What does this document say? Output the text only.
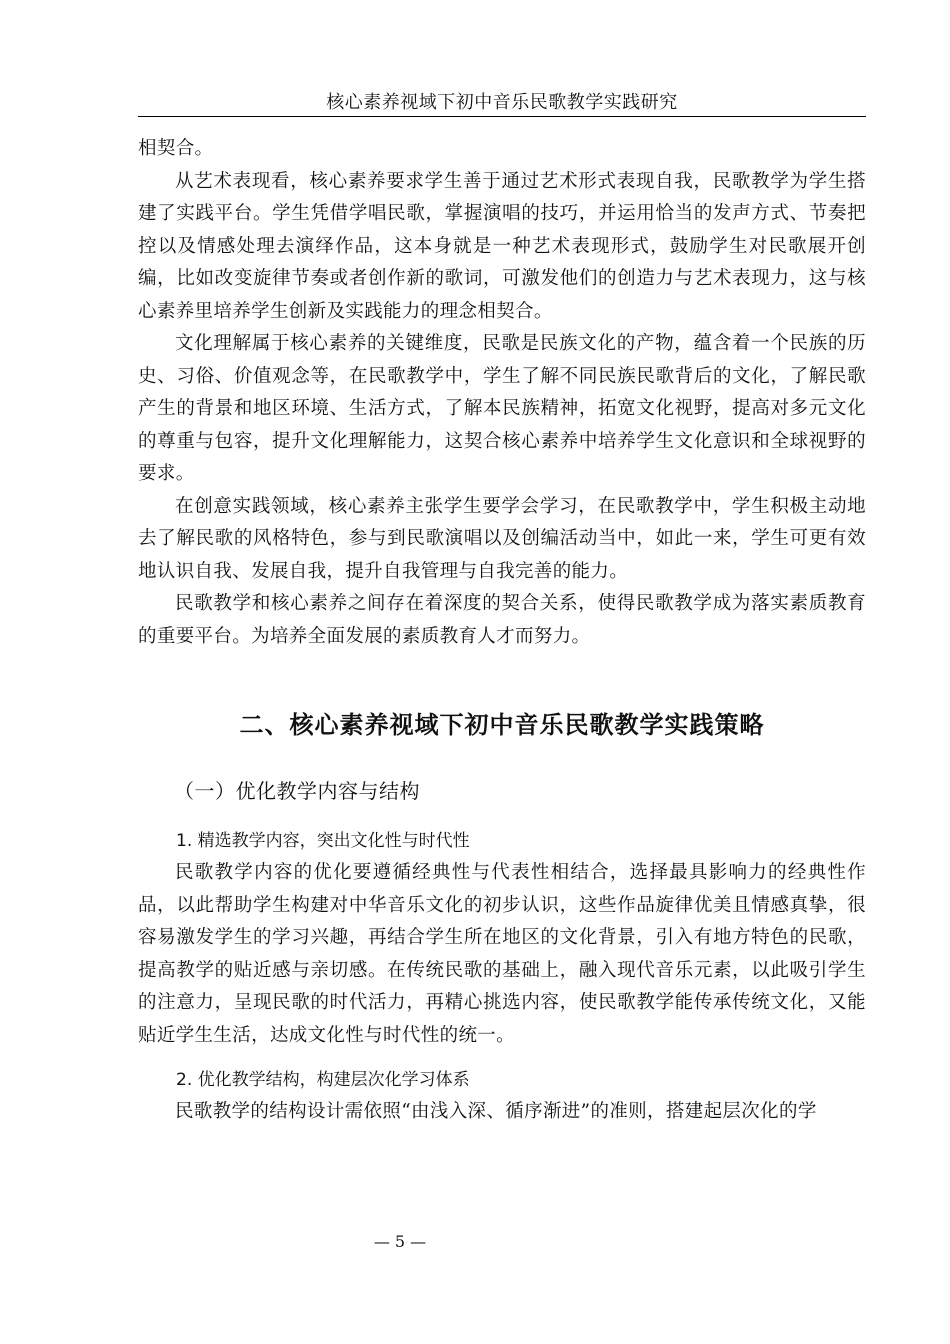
核心素养视域下初中音乐民歌教学实践研究

相契合。

从艺术表现看，核心素养要求学生善于通过艺术形式表现自我，民歌教学为学生搭建了实践平台。学生凭借学唱民歌，掌握演唱的技巧，并运用恰当的发声方式、节奏把控以及情感处理去演绎作品，这本身就是一种艺术表现形式，鼓励学生对民歌展开创编，比如改变旋律节奏或者创作新的歌词，可激发他们的创造力与艺术表现力，这与核心素养里培养学生创新及实践能力的理念相契合。

文化理解属于核心素养的关键维度，民歌是民族文化的产物，蕴含着一个民族的历史、习俗、价值观念等，在民歌教学中，学生了解不同民族民歌背后的文化，了解民歌产生的背景和地区环境、生活方式，了解本民族精神，拓宽文化视野，提高对多元文化的尊重与包容，提升文化理解能力，这契合核心素养中培养学生文化意识和全球视野的要求。

在创意实践领域，核心素养主张学生要学会学习，在民歌教学中，学生积极主动地去了解民歌的风格特色，参与到民歌演唱以及创编活动当中，如此一来，学生可更有效地认识自我、发展自我，提升自我管理与自我完善的能力。

民歌教学和核心素养之间存在着深度的契合关系，使得民歌教学成为落实素质教育的重要平台。为培养全面发展的素质教育人才而努力。

二、核心素养视域下初中音乐民歌教学实践策略
（一）优化教学内容与结构
1. 精选教学内容，突出文化性与时代性

民歌教学内容的优化要遵循经典性与代表性相结合，选择最具影响力的经典性作品，以此帮助学生构建对中华音乐文化的初步认识，这些作品旋律优美且情感真挚，很容易激发学生的学习兴趣，再结合学生所在地区的文化背景，引入有地方特色的民歌，提高教学的贴近感与亲切感。在传统民歌的基础上，融入现代音乐元素，以此吸引学生的注意力，呈现民歌的时代活力，再精心挑选内容，使民歌教学能传承传统文化，又能贴近学生生活，达成文化性与时代性的统一。

2. 优化教学结构，构建层次化学习体系

民歌教学的结构设计需依照“由浅入深、循序渐进”的准则，搭建起层次化的学

— 5 —
